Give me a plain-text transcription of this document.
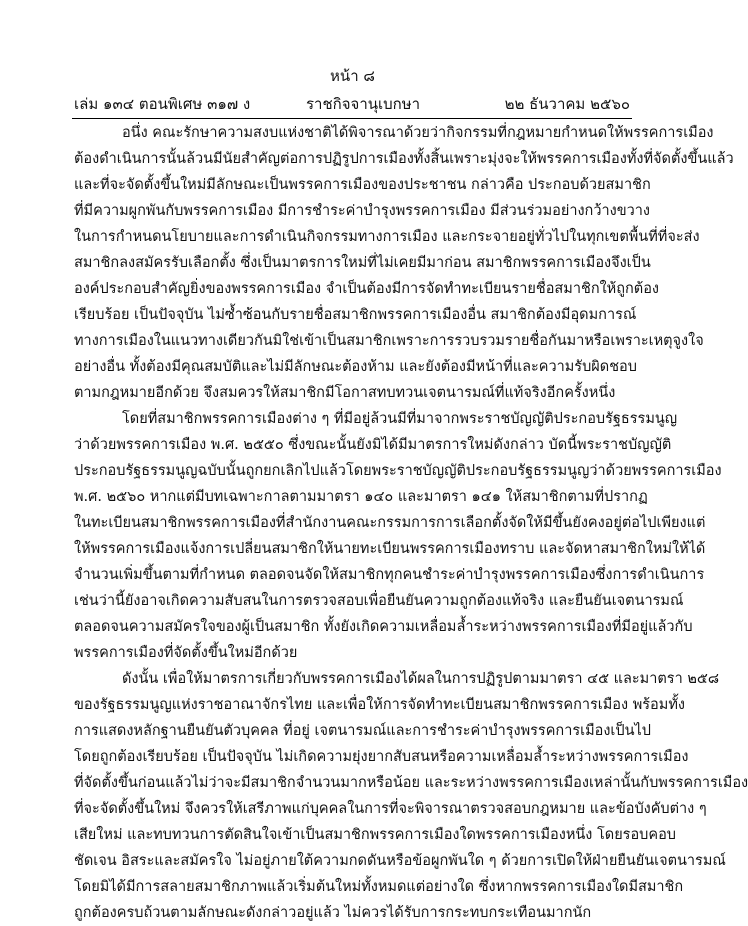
หน้า ๘
เล่ม ๑๓๔ ตอนพิเศษ ๓๑๗ ง	ราชกิจจานุเบกษา	๒๒ ธันวาคม ๒๕๖๐
อนึ่ง คณะรักษาความสงบแห่งชาติได้พิจารณาด้วยว่ากิจกรรมที่กฎหมายกำหนดให้พรรคการเมือง
ต้องดำเนินการนั้นล้วนมีนัยสำคัญต่อการปฏิรูปการเมืองทั้งสิ้นเพราะมุ่งจะให้พรรคการเมืองทั้งที่จัดตั้งขึ้นแล้ว
และที่จะจัดตั้งขึ้นใหม่มีลักษณะเป็นพรรคการเมืองของประชาชน กล่าวคือ ประกอบด้วยสมาชิก
ที่มีความผูกพันกับพรรคการเมือง มีการชำระค่าบำรุงพรรคการเมือง มีส่วนร่วมอย่างกว้างขวาง
ในการกำหนดนโยบายและการดำเนินกิจกรรมทางการเมือง และกระจายอยู่ทั่วไปในทุกเขตพื้นที่ที่จะส่ง
สมาชิกลงสมัครรับเลือกตั้ง ซึ่งเป็นมาตรการใหม่ที่ไม่เคยมีมาก่อน สมาชิกพรรคการเมืองจึงเป็น
องค์ประกอบสำคัญยิ่งของพรรคการเมือง จำเป็นต้องมีการจัดทำทะเบียนรายชื่อสมาชิกให้ถูกต้อง
เรียบร้อย เป็นปัจจุบัน ไม่ซ้ำซ้อนกับรายชื่อสมาชิกพรรคการเมืองอื่น สมาชิกต้องมีอุดมการณ์
ทางการเมืองในแนวทางเดียวกันมิใช่เข้าเป็นสมาชิกเพราะการรวบรวมรายชื่อกันมาหรือเพราะเหตุจูงใจ
อย่างอื่น ทั้งต้องมีคุณสมบัติและไม่มีลักษณะต้องห้าม และยังต้องมีหน้าที่และความรับผิดชอบ
ตามกฎหมายอีกด้วย จึงสมควรให้สมาชิกมีโอกาสทบทวนเจตนารมณ์ที่แท้จริงอีกครั้งหนึ่ง
โดยที่สมาชิกพรรคการเมืองต่าง ๆ ที่มีอยู่ล้วนมีที่มาจากพระราชบัญญัติประกอบรัฐธรรมนูญ
ว่าด้วยพรรคการเมือง พ.ศ. ๒๕๕๐ ซึ่งขณะนั้นยังมิได้มีมาตรการใหม่ดังกล่าว บัดนี้พระราชบัญญัติ
ประกอบรัฐธรรมนูญฉบับนั้นถูกยกเลิกไปแล้วโดยพระราชบัญญัติประกอบรัฐธรรมนูญว่าด้วยพรรคการเมือง
พ.ศ. ๒๕๖๐ หากแต่มีบทเฉพาะกาลตามมาตรา ๑๔๐ และมาตรา ๑๔๑ ให้สมาชิกตามที่ปรากฏ
ในทะเบียนสมาชิกพรรคการเมืองที่สำนักงานคณะกรรมการการเลือกตั้งจัดให้มีขึ้นยังคงอยู่ต่อไปเพียงแต่
ให้พรรคการเมืองแจ้งการเปลี่ยนสมาชิกให้นายทะเบียนพรรคการเมืองทราบ และจัดหาสมาชิกใหม่ให้ได้
จำนวนเพิ่มขึ้นตามที่กำหนด ตลอดจนจัดให้สมาชิกทุกคนชำระค่าบำรุงพรรคการเมืองซึ่งการดำเนินการ
เช่นว่านี้ยังอาจเกิดความสับสนในการตรวจสอบเพื่อยืนยันความถูกต้องแท้จริง และยืนยันเจตนารมณ์
ตลอดจนความสมัครใจของผู้เป็นสมาชิก ทั้งยังเกิดความเหลื่อมล้ำระหว่างพรรคการเมืองที่มีอยู่แล้วกับ
พรรคการเมืองที่จัดตั้งขึ้นใหม่อีกด้วย
ดังนั้น เพื่อให้มาตรการเกี่ยวกับพรรคการเมืองได้ผลในการปฏิรูปตามมาตรา ๔๕ และมาตรา ๒๕๘
ของรัฐธรรมนูญแห่งราชอาณาจักรไทย และเพื่อให้การจัดทำทะเบียนสมาชิกพรรคการเมือง พร้อมทั้ง
การแสดงหลักฐานยืนยันตัวบุคคล ที่อยู่ เจตนารมณ์และการชำระค่าบำรุงพรรคการเมืองเป็นไป
โดยถูกต้องเรียบร้อย เป็นปัจจุบัน ไม่เกิดความยุ่งยากสับสนหรือความเหลื่อมล้ำระหว่างพรรคการเมือง
ที่จัดตั้งขึ้นก่อนแล้วไม่ว่าจะมีสมาชิกจำนวนมากหรือน้อย และระหว่างพรรคการเมืองเหล่านั้นกับพรรคการเมือง
ที่จะจัดตั้งขึ้นใหม่ จึงควรให้เสรีภาพแก่บุคคลในการที่จะพิจารณาตรวจสอบกฎหมาย และข้อบังคับต่าง ๆ
เสียใหม่ และทบทวนการตัดสินใจเข้าเป็นสมาชิกพรรคการเมืองใดพรรคการเมืองหนึ่ง โดยรอบคอบ
ชัดเจน อิสระและสมัครใจ ไม่อยู่ภายใต้ความกดดันหรือข้อผูกพันใด ๆ ด้วยการเปิดให้ฝ่ายยืนยันเจตนารมณ์
โดยมิได้มีการสลายสมาชิกภาพแล้วเริ่มต้นใหม่ทั้งหมดแต่อย่างใด ซึ่งหากพรรคการเมืองใดมีสมาชิก
ถูกต้องครบถ้วนตามลักษณะดังกล่าวอยู่แล้ว ไม่ควรได้รับการกระทบกระเทือนมากนัก
